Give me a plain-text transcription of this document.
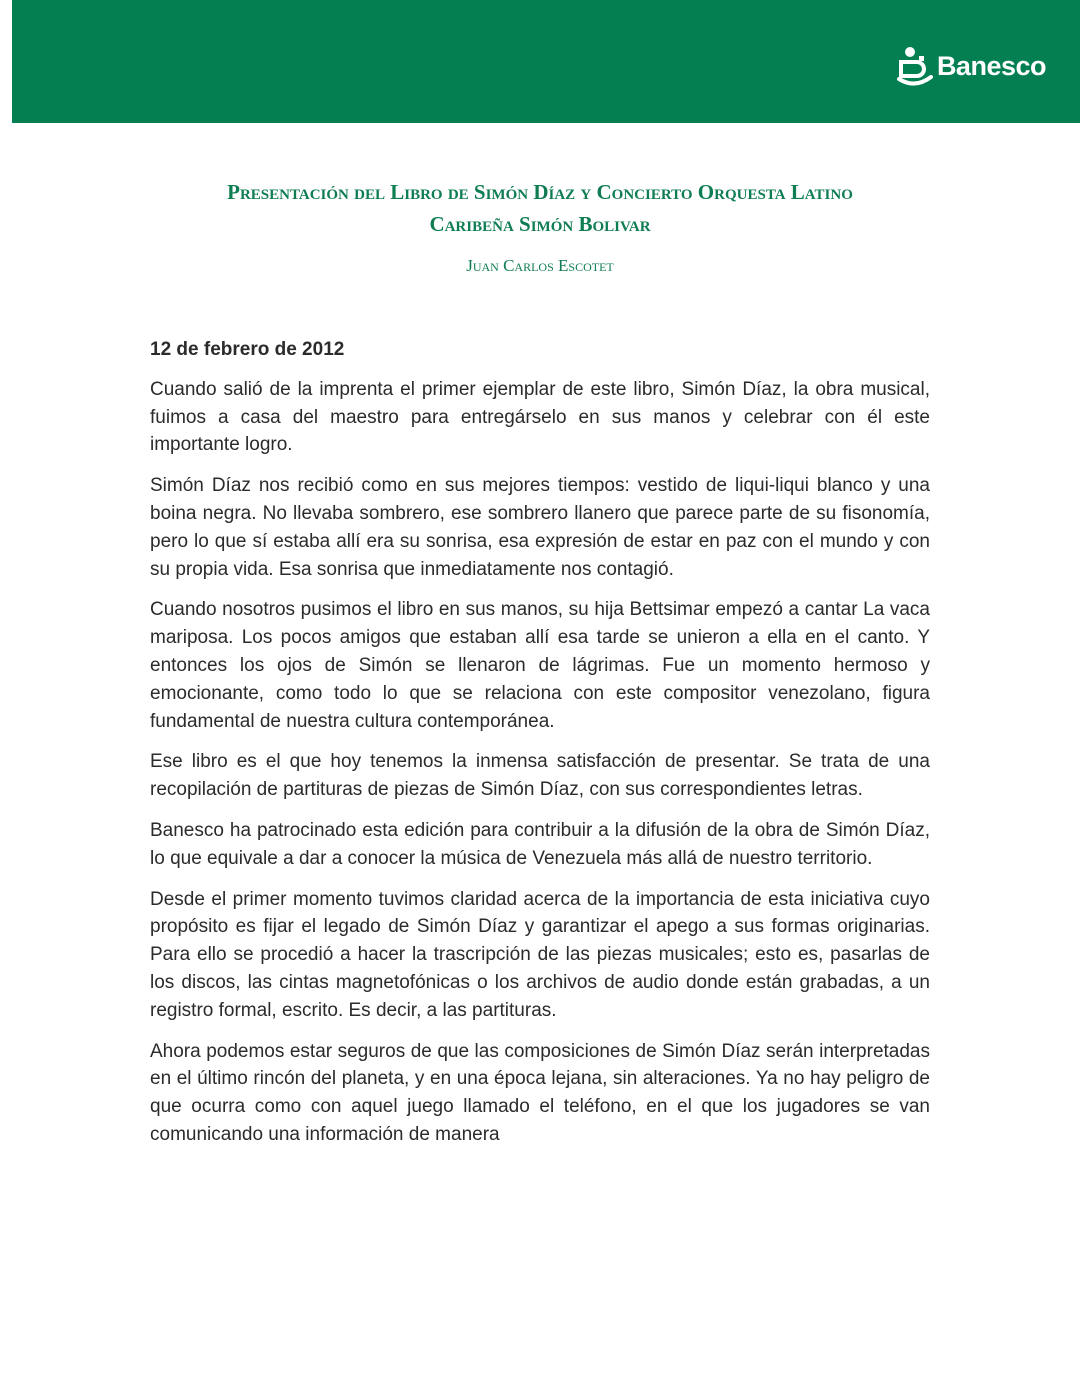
Banesco
Presentación del Libro de Simón Díaz y Concierto Orquesta Latino
Caribeña Simón Bolivar

Juan Carlos Escotet

12 de febrero de 2012

Cuando salió de la imprenta el primer ejemplar de este libro, Simón Díaz, la obra musical, fuimos a casa del maestro para entregárselo en sus manos y celebrar con él este importante logro.

Simón Díaz nos recibió como en sus mejores tiempos: vestido de liqui-liqui blanco y una boina negra. No llevaba sombrero, ese sombrero llanero que parece parte de su fisonomía, pero lo que sí estaba allí era su sonrisa, esa expresión de estar en paz con el mundo y con su propia vida. Esa sonrisa que inmediatamente nos contagió.

Cuando nosotros pusimos el libro en sus manos, su hija Bettsimar empezó a cantar La vaca mariposa. Los pocos amigos que estaban allí esa tarde se unieron a ella en el canto. Y entonces los ojos de Simón se llenaron de lágrimas. Fue un momento hermoso y emocionante, como todo lo que se relaciona con este compositor venezolano, figura fundamental de nuestra cultura contemporánea.

Ese libro es el que hoy tenemos la inmensa satisfacción de presentar. Se trata de una recopilación de partituras de piezas de Simón Díaz, con sus correspondientes letras.

Banesco ha patrocinado esta edición para contribuir a la difusión de la obra de Simón Díaz, lo que equivale a dar a conocer la música de Venezuela más allá de nuestro territorio.

Desde el primer momento tuvimos claridad acerca de la importancia de esta iniciativa cuyo propósito es fijar el legado de Simón Díaz y garantizar el apego a sus formas originarias. Para ello se procedió a hacer la trascripción de las piezas musicales; esto es, pasarlas de los discos, las cintas magnetofónicas o los archivos de audio donde están grabadas, a un registro formal, escrito. Es decir, a las partituras.

Ahora podemos estar seguros de que las composiciones de Simón Díaz serán interpretadas en el último rincón del planeta, y en una época lejana, sin alteraciones. Ya no hay peligro de que ocurra como con aquel juego llamado el teléfono, en el que los jugadores se van comunicando una información de manera
